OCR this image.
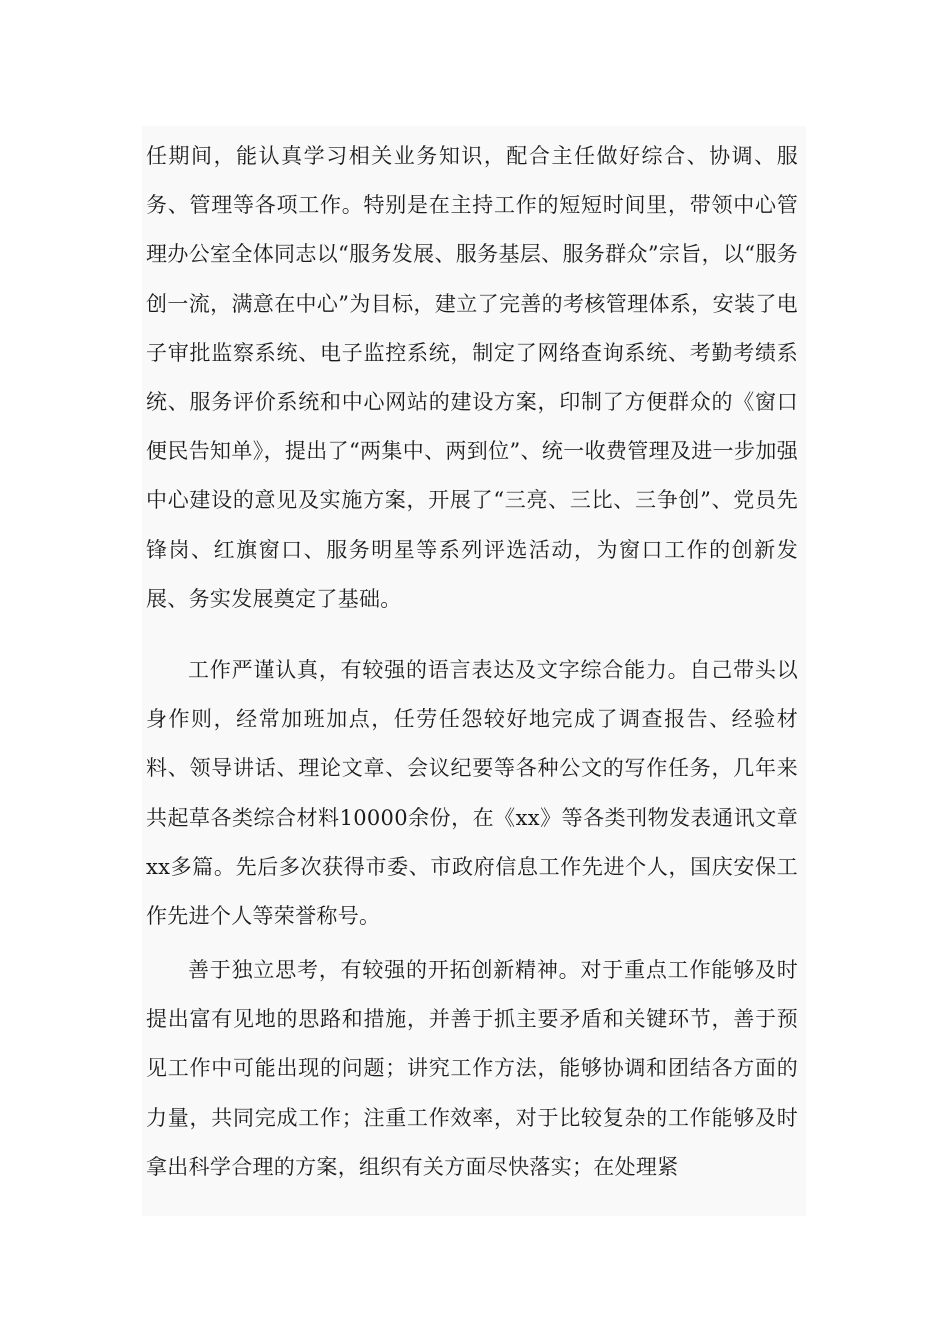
任期间，能认真学习相关业务知识，配合主任做好综合、协调、服务、管理等各项工作。特别是在主持工作的短短时间里，带领中心管理办公室全体同志以“服务发展、服务基层、服务群众”宗旨，以“服务创一流，满意在中心”为目标，建立了完善的考核管理体系，安装了电子审批监察系统、电子监控系统，制定了网络查询系统、考勤考绩系统、服务评价系统和中心网站的建设方案，印制了方便群众的《窗口便民告知单》，提出了“两集中、两到位”、统一收费管理及进一步加强中心建设的意见及实施方案，开展了“三亮、三比、三争创”、党员先锋岗、红旗窗口、服务明星等系列评选活动，为窗口工作的创新发展、务实发展奠定了基础。

工作严谨认真，有较强的语言表达及文字综合能力。自己带头以身作则，经常加班加点，任劳任怨较好地完成了调查报告、经验材料、领导讲话、理论文章、会议纪要等各种公文的写作任务，几年来共起草各类综合材料10000余份，在《xx》等各类刊物发表通讯文章xx多篇。先后多次获得市委、市政府信息工作先进个人，国庆安保工作先进个人等荣誉称号。

善于独立思考，有较强的开拓创新精神。对于重点工作能够及时提出富有见地的思路和措施，并善于抓主要矛盾和关键环节，善于预见工作中可能出现的问题；讲究工作方法，能够协调和团结各方面的力量，共同完成工作；注重工作效率，对于比较复杂的工作能够及时拿出科学合理的方案，组织有关方面尽快落实；在处理紧
